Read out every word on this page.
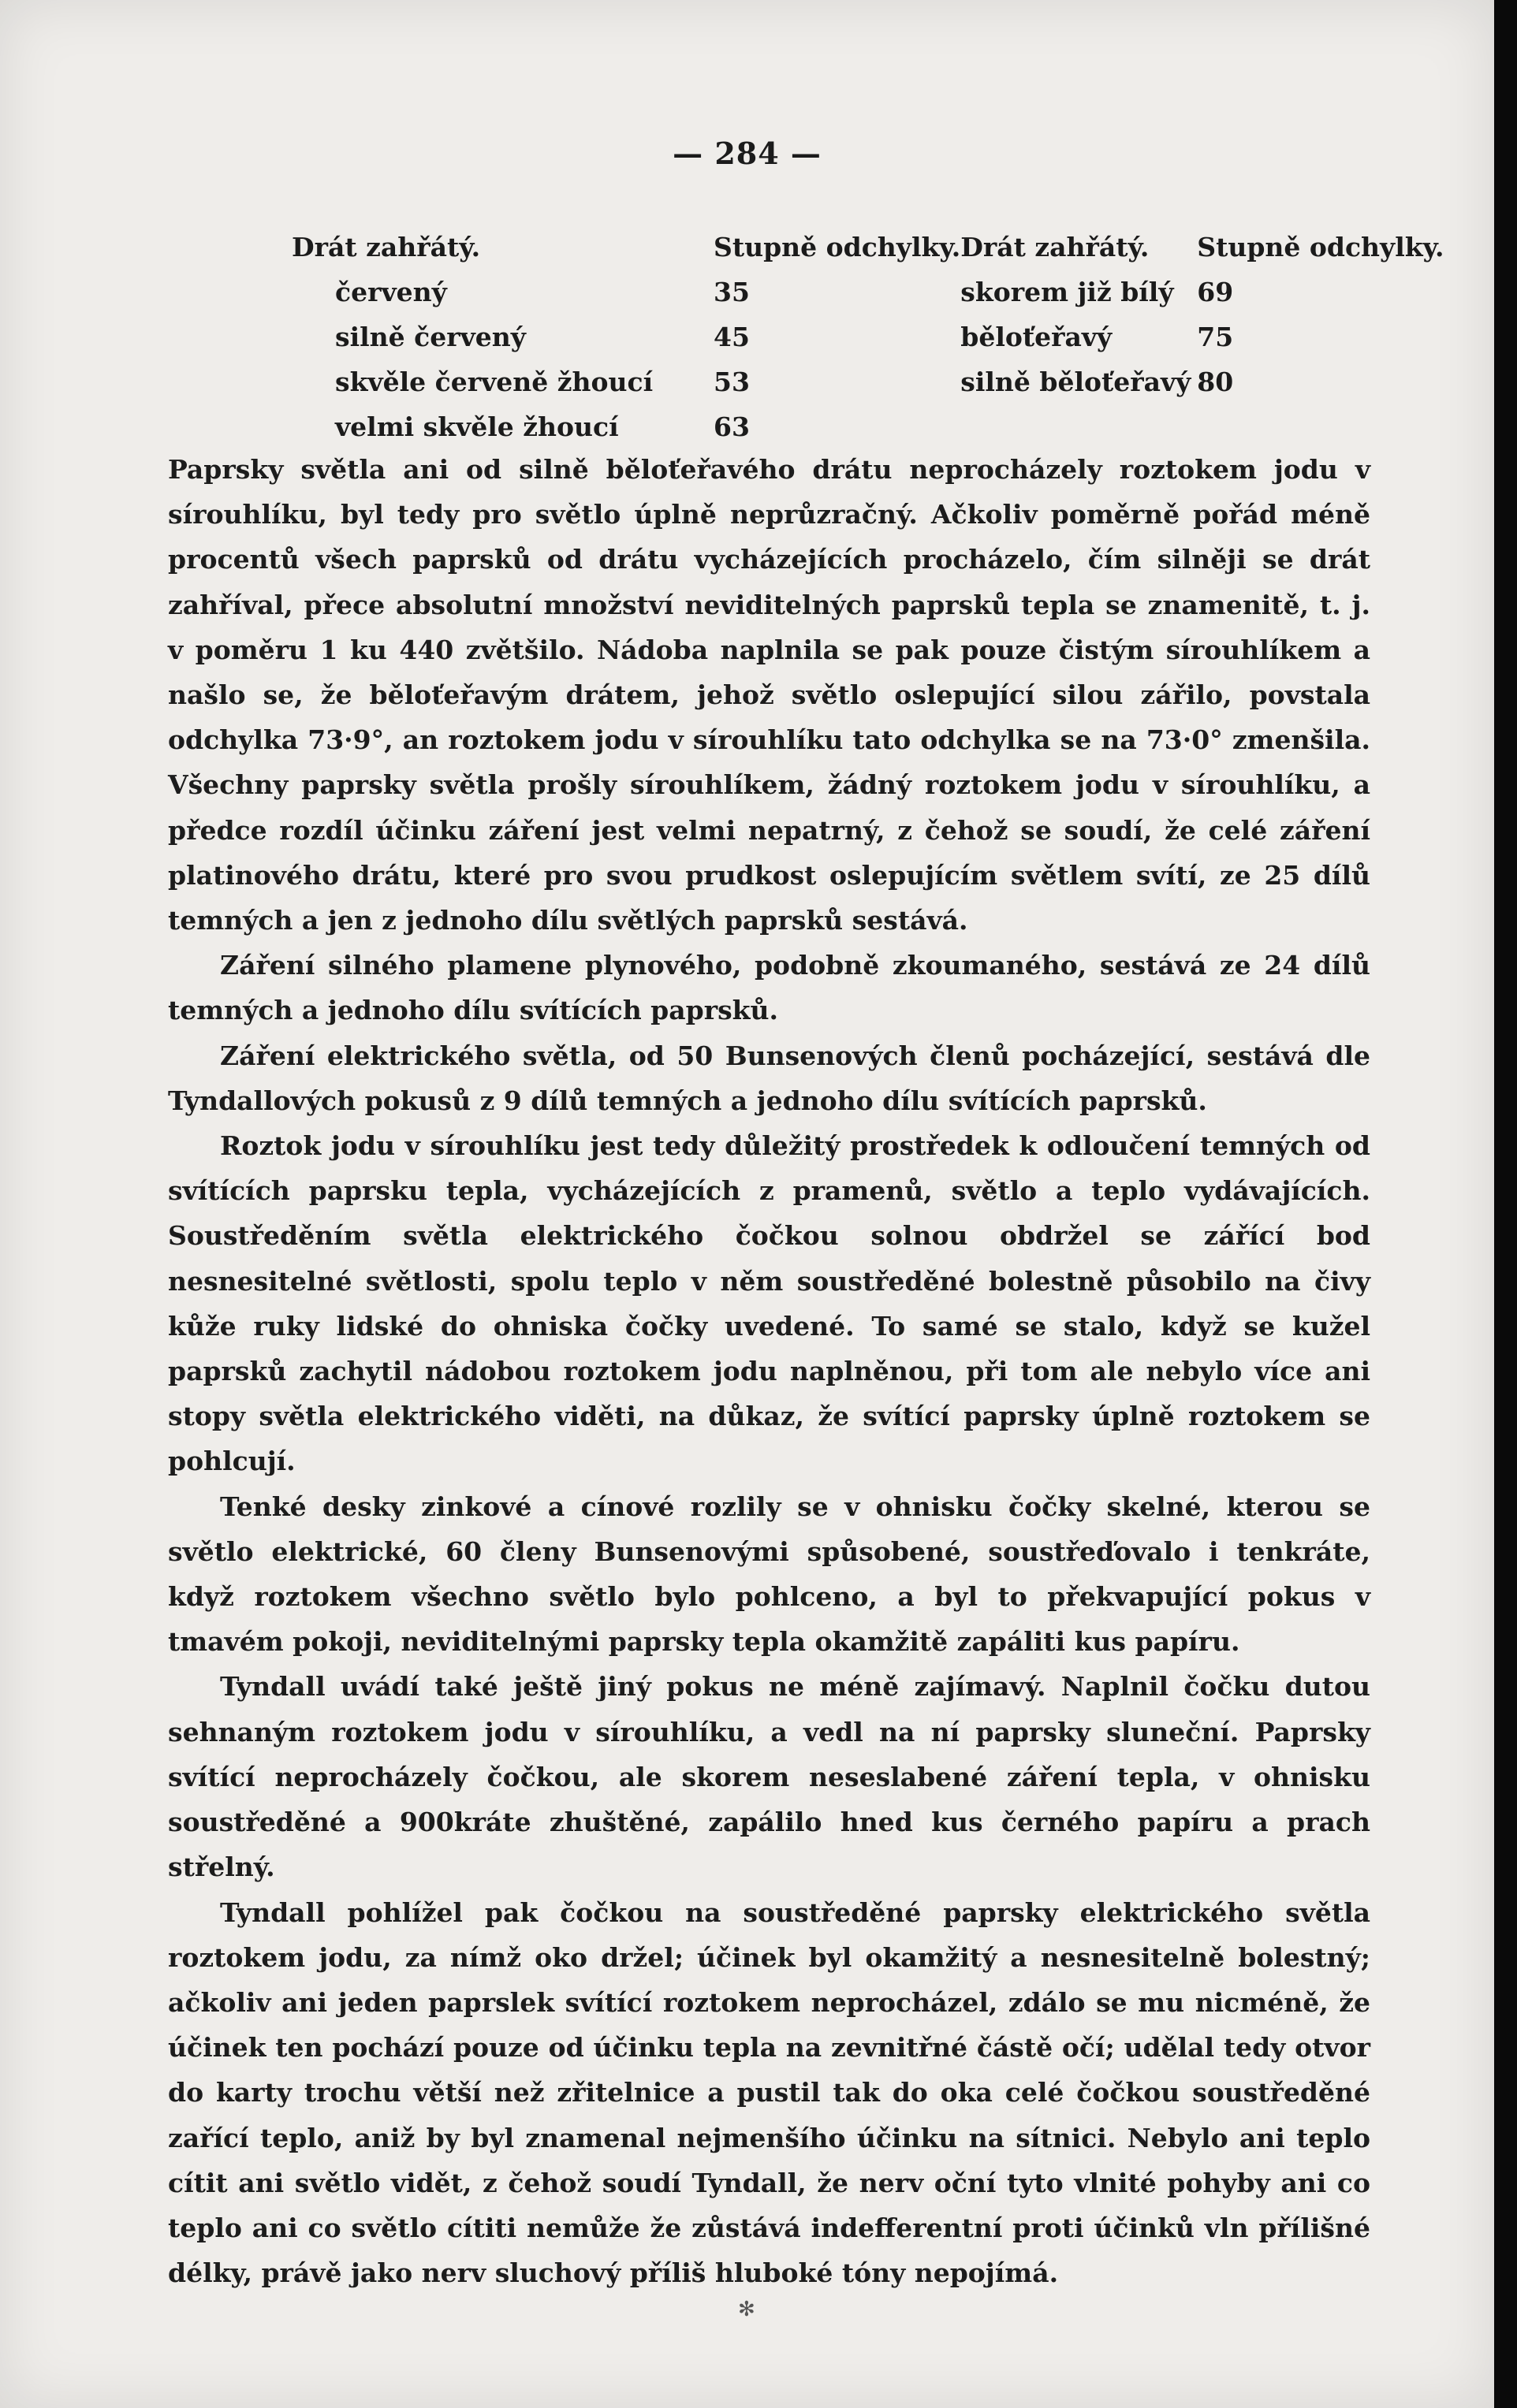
— 284 —
Drát zahřátý.	Stupně odchylky.	Drát zahřátý.	Stupně odchylky.
červený	35	skorem již bílý	69
silně červený	45	běloťeřavý	75
skvěle červeně žhoucí	53	silně běloťeřavý	80
velmi skvěle žhoucí	63		

Paprsky světla ani od silně běloťeřavého drátu neprocházely roztokem jodu v sírouhlíku, byl tedy pro světlo úplně neprůzračný. Ačkoliv poměrně pořád méně procentů všech paprsků od drátu vycházejících procházelo, čím silněji se drát zahříval, přece absolutní množství neviditelných paprsků tepla se znamenitě, t. j. v poměru 1 ku 440 zvětšilo. Nádoba naplnila se pak pouze čistým sírouhlíkem a našlo se, že běloťeřavým drátem, jehož světlo oslepující silou zářilo, povstala odchylka 73·9°, an roztokem jodu v sírouhlíku tato odchylka se na 73·0° zmenšila. Všechny paprsky světla prošly sírouhlíkem, žádný roztokem jodu v sírouhlíku, a předce rozdíl účinku záření jest velmi nepatrný, z čehož se soudí, že celé záření platinového drátu, které pro svou prudkost oslepujícím světlem svítí, ze 25 dílů temných a jen z jednoho dílu světlých paprsků sestává.

Záření silného plamene plynového, podobně zkoumaného, sestává ze 24 dílů temných a jednoho dílu svítících paprsků.

Záření elektrického světla, od 50 Bunsenových členů pocházející, sestává dle Tyndallových pokusů z 9 dílů temných a jednoho dílu svítících paprsků.

Roztok jodu v sírouhlíku jest tedy důležitý prostředek k odloučení temných od svítících paprsku tepla, vycházejících z pramenů, světlo a teplo vydávajících. Soustředěním světla elektrického čočkou solnou obdržel se zářící bod nesnesitelné světlosti, spolu teplo v něm soustředěné bolestně působilo na čivy kůže ruky lidské do ohniska čočky uvedené. To samé se stalo, když se kužel paprsků zachytil nádobou roztokem jodu naplněnou, při tom ale nebylo více ani stopy světla elektrického viděti, na důkaz, že svítící paprsky úplně roztokem se pohlcují.

Tenké desky zinkové a cínové rozlily se v ohnisku čočky skelné, kterou se světlo elektrické, 60 členy Bunsenovými spůsobené, soustřeďovalo i tenkráte, když roztokem všechno světlo bylo pohlceno, a byl to překvapující pokus v tmavém pokoji, neviditelnými paprsky tepla okamžitě zapáliti kus papíru.

Tyndall uvádí také ještě jiný pokus ne méně zajímavý. Naplnil čočku dutou sehnaným roztokem jodu v sírouhlíku, a vedl na ní paprsky sluneční. Paprsky svítící neprocházely čočkou, ale skorem neseslabené záření tepla, v ohnisku soustředěné a 900kráte zhuštěné, zapálilo hned kus černého papíru a prach střelný.

Tyndall pohlížel pak čočkou na soustředěné paprsky elektrického světla roztokem jodu, za nímž oko držel; účinek byl okamžitý a nesnesitelně bolestný; ačkoliv ani jeden paprslek svítící roztokem neprocházel, zdálo se mu nicméně, že účinek ten pochází pouze od účinku tepla na zevnitřné částě očí; udělal tedy otvor do karty trochu větší než zřitelnice a pustil tak do oka celé čočkou soustředěné zařící teplo, aniž by byl znamenal nejmenšího účinku na sítnici. Nebylo ani teplo cítit ani světlo vidět, z čehož soudí Tyndall, že nerv oční tyto vlnité pohyby ani co teplo ani co světlo cítiti nemůže že zůstává indefferentní proti účinků vln přílišné délky, právě jako nerv sluchový příliš hluboké tóny nepojímá.

✻
